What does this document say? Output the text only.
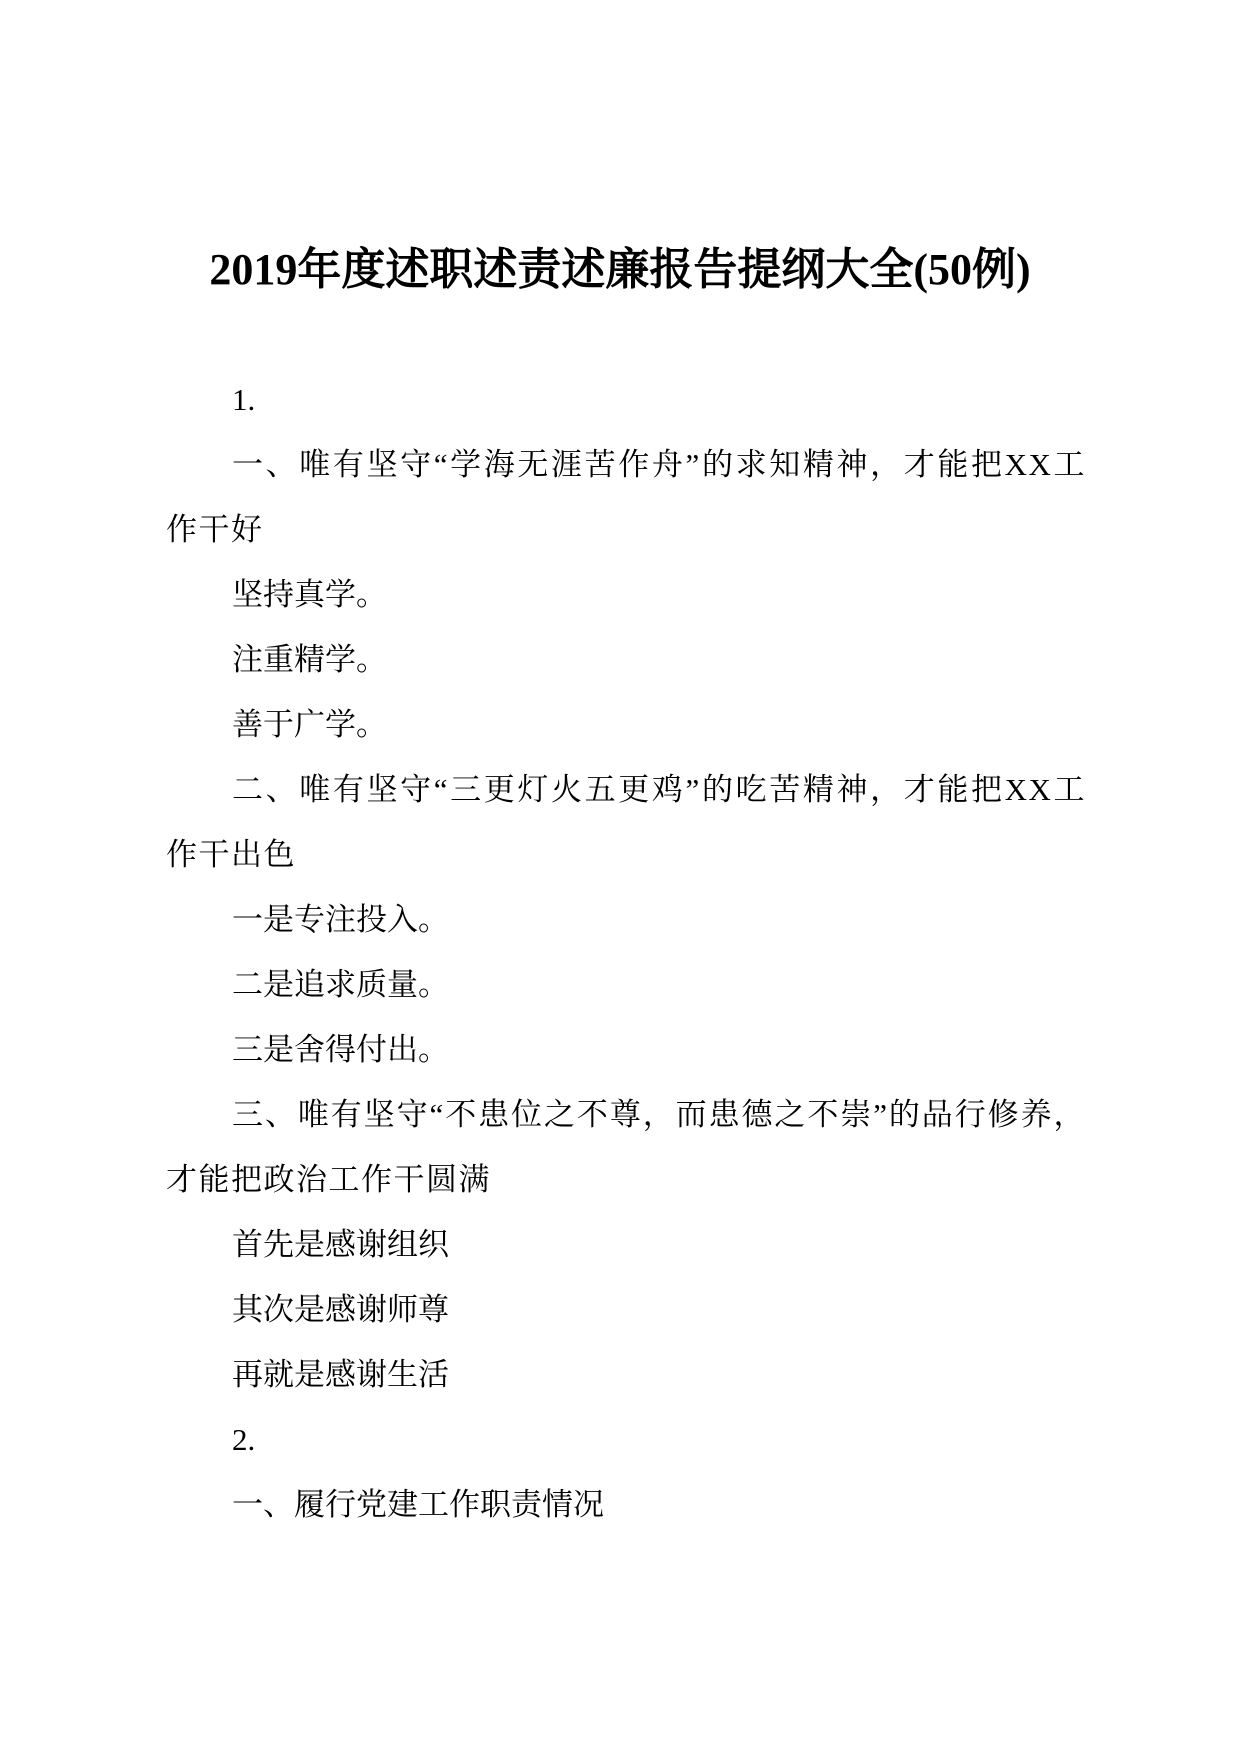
2019年度述职述责述廉报告提纲大全(50例)

1.

一、唯有坚守“学海无涯苦作舟”的求知精神，才能把XX工作干好

坚持真学。

注重精学。

善于广学。

二、唯有坚守“三更灯火五更鸡”的吃苦精神，才能把XX工作干出色

一是专注投入。

二是追求质量。

三是舍得付出。

三、唯有坚守“不患位之不尊，而患德之不崇”的品行修养，才能把政治工作干圆满

首先是感谢组织

其次是感谢师尊

再就是感谢生活

2.

一、履行党建工作职责情况
